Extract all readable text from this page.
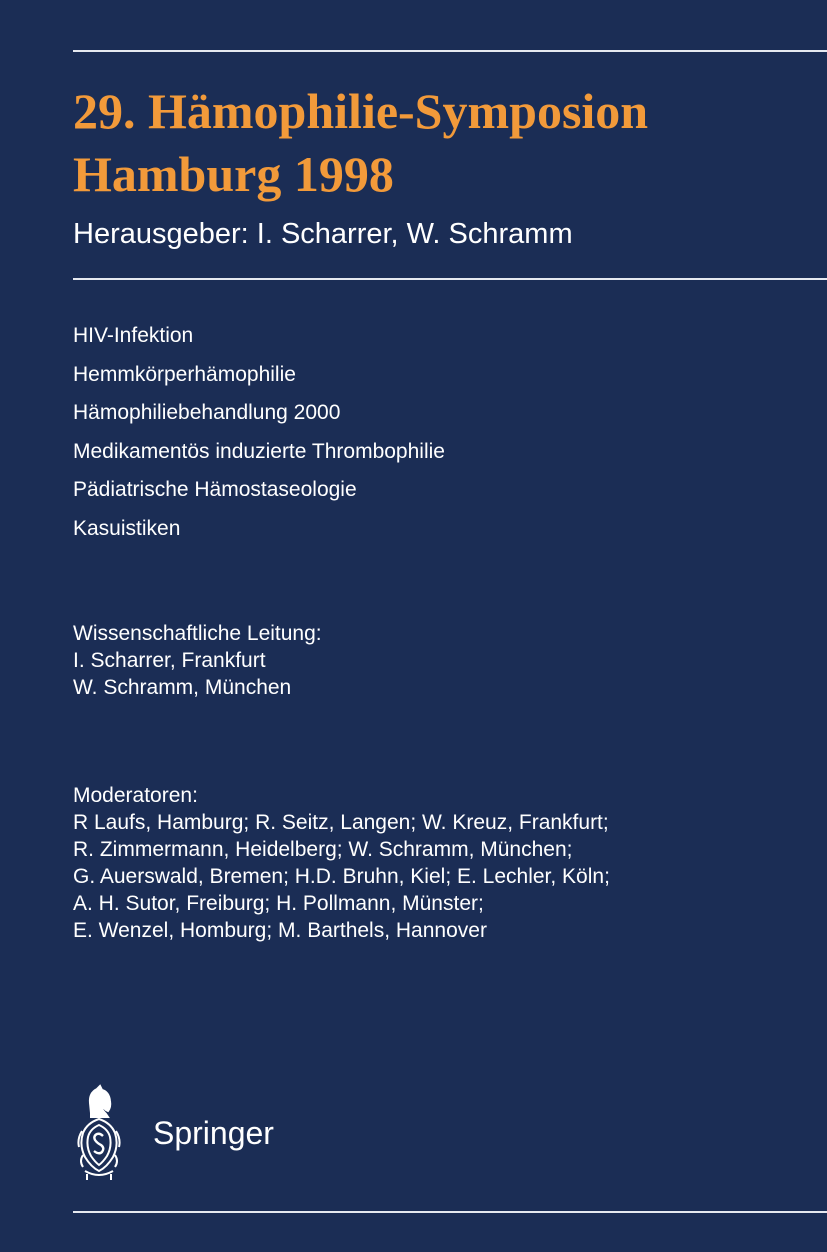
29. Hämophilie-Symposion
Hamburg 1998
Herausgeber: I. Scharrer, W. Schramm
HIV-Infektion
Hemmkörperhämophilie
Hämophiliebehandlung 2000
Medikamentös induzierte Thrombophilie
Pädiatrische Hämostaseologie
Kasuistiken
Wissenschaftliche Leitung:
I. Scharrer, Frankfurt
W. Schramm, München
Moderatoren:
R Laufs, Hamburg; R. Seitz, Langen; W. Kreuz, Frankfurt;
R. Zimmermann, Heidelberg; W. Schramm, München;
G. Auerswald, Bremen; H.D. Bruhn, Kiel; E. Lechler, Köln;
A. H. Sutor, Freiburg; H. Pollmann, Münster;
E. Wenzel, Homburg; M. Barthels, Hannover
Springer
